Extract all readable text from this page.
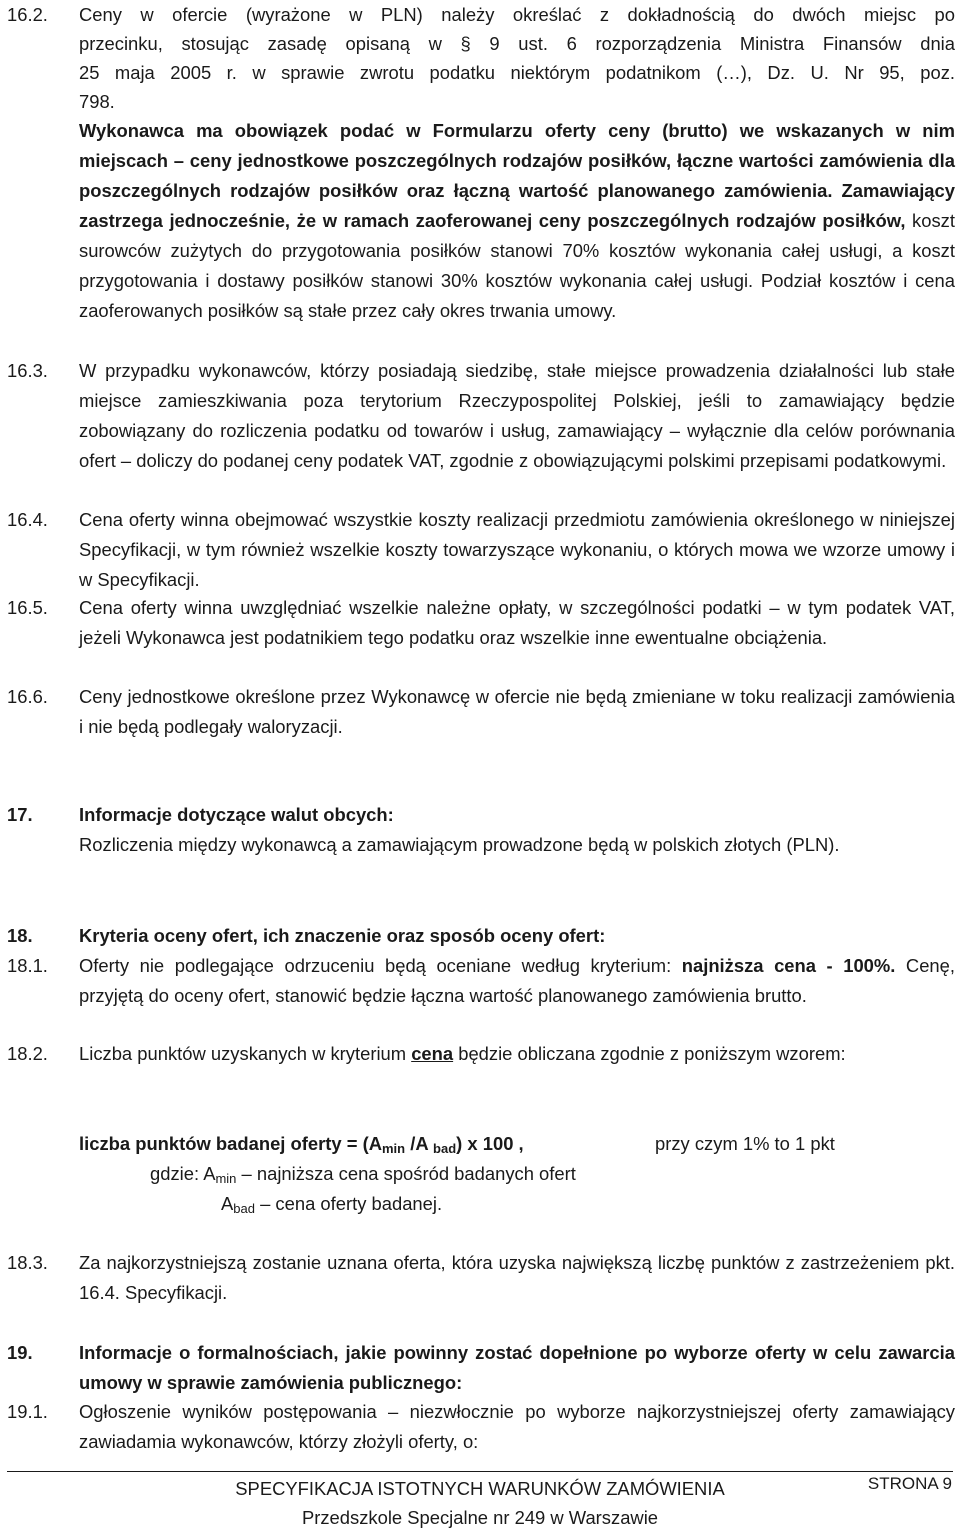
16.2. Ceny w ofercie (wyrażone w PLN) należy określać z dokładnością do dwóch miejsc po
przecinku, stosując zasadę opisaną w § 9 ust. 6 rozporządzenia Ministra Finansów dnia
25 maja 2005 r. w sprawie zwrotu podatku niektórym podatnikom (…), Dz. U. Nr 95, poz.
798.
Wykonawca ma obowiązek podać w Formularzu oferty ceny (brutto) we wskazanych w nim miejscach – ceny jednostkowe poszczególnych rodzajów posiłków, łączne wartości zamówienia dla poszczególnych rodzajów posiłków oraz łączną wartość planowanego zamówienia. Zamawiający zastrzega jednocześnie, że w ramach zaoferowanej ceny poszczególnych rodzajów posiłków, koszt surowców zużytych do przygotowania posiłków stanowi 70% kosztów wykonania całej usługi, a koszt przygotowania i dostawy posiłków stanowi 30% kosztów wykonania całej usługi. Podział kosztów i cena zaoferowanych posiłków są stałe przez cały okres trwania umowy.
16.3. W przypadku wykonawców, którzy posiadają siedzibę, stałe miejsce prowadzenia działalności lub stałe miejsce zamieszkiwania poza terytorium Rzeczypospolitej Polskiej, jeśli to zamawiający będzie zobowiązany do rozliczenia podatku od towarów i usług, zamawiający – wyłącznie dla celów porównania ofert – doliczy do podanej ceny podatek VAT, zgodnie z obowiązującymi polskimi przepisami podatkowymi.
16.4. Cena oferty winna obejmować wszystkie koszty realizacji przedmiotu zamówienia określonego w niniejszej Specyfikacji, w tym również wszelkie koszty towarzyszące wykonaniu, o których mowa we wzorze umowy i w Specyfikacji.
16.5. Cena oferty winna uwzględniać wszelkie należne opłaty, w szczególności podatki – w tym podatek VAT, jeżeli Wykonawca jest podatnikiem tego podatku oraz wszelkie inne ewentualne obciążenia.
16.6. Ceny jednostkowe określone przez Wykonawcę w ofercie nie będą zmieniane w toku realizacji zamówienia i nie będą podlegały waloryzacji.
17.	Informacje dotyczące walut obcych:
Rozliczenia między wykonawcą a zamawiającym prowadzone będą w polskich złotych (PLN).
18.	Kryteria oceny ofert, ich znaczenie oraz sposób oceny ofert:
18.1. Oferty nie podlegające odrzuceniu będą oceniane według kryterium: najniższa cena - 100%. Cenę, przyjętą do oceny ofert, stanowić będzie łączna wartość planowanego zamówienia brutto.
18.2. Liczba punktów uzyskanych w kryterium cena będzie obliczana zgodnie z poniższym wzorem:
liczba punktów badanej oferty = ($A_{min}$ /A $_{bad}$) x 100 ,	przy czym 1% to 1 pkt
gdzie: $A_{min}$ – najniższa cena spośród badanych ofert
$A_{bad}$ – cena oferty badanej.
18.3. Za najkorzystniejszą zostanie uznana oferta, która uzyska największą liczbę punktów z zastrzeżeniem pkt. 16.4. Specyfikacji.
19.	Informacje o formalnościach, jakie powinny zostać dopełnione po wyborze oferty w celu zawarcia umowy w sprawie zamówienia publicznego:
19.1. Ogłoszenie wyników postępowania – niezwłocznie po wyborze najkorzystniejszej oferty zamawiający zawiadamia wykonawców, którzy złożyli oferty, o:
SPECYFIKACJA ISTOTNYCH WARUNKÓW ZAMÓWIENIA
Przedszkole Specjalne nr 249 w Warszawie
STRONA 9
